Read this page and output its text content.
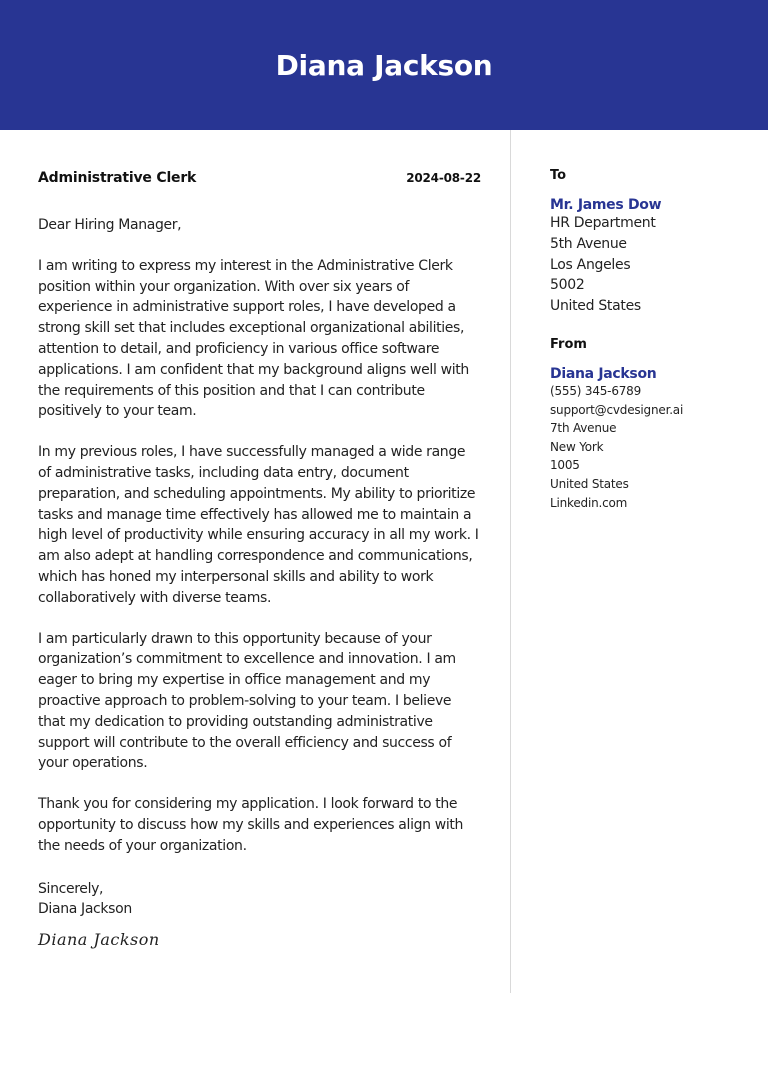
Diana Jackson
Administrative Clerk	2024-08-22

Dear Hiring Manager,

I am writing to express my interest in the Administrative Clerk position within your organization. With over six years of experience in administrative support roles, I have developed a strong skill set that includes exceptional organizational abilities, attention to detail, and proficiency in various office software applications. I am confident that my background aligns well with the requirements of this position and that I can contribute positively to your team.

In my previous roles, I have successfully managed a wide range of administrative tasks, including data entry, document preparation, and scheduling appointments. My ability to prioritize tasks and manage time effectively has allowed me to maintain a high level of productivity while ensuring accuracy in all my work. I am also adept at handling correspondence and communications, which has honed my interpersonal skills and ability to work collaboratively with diverse teams.

I am particularly drawn to this opportunity because of your organization’s commitment to excellence and innovation. I am eager to bring my expertise in office management and my proactive approach to problem-solving to your team. I believe that my dedication to providing outstanding administrative support will contribute to the overall efficiency and success of your operations.

Thank you for considering my application. I look forward to the opportunity to discuss how my skills and experiences align with the needs of your organization.

Sincerely,

Diana Jackson

Diana Jackson
To
Mr. James Dow
HR Department
5th Avenue
Los Angeles
5002
United States
From
Diana Jackson
(555) 345-6789
support@cvdesigner.ai
7th Avenue
New York
1005
United States
Linkedin.com
